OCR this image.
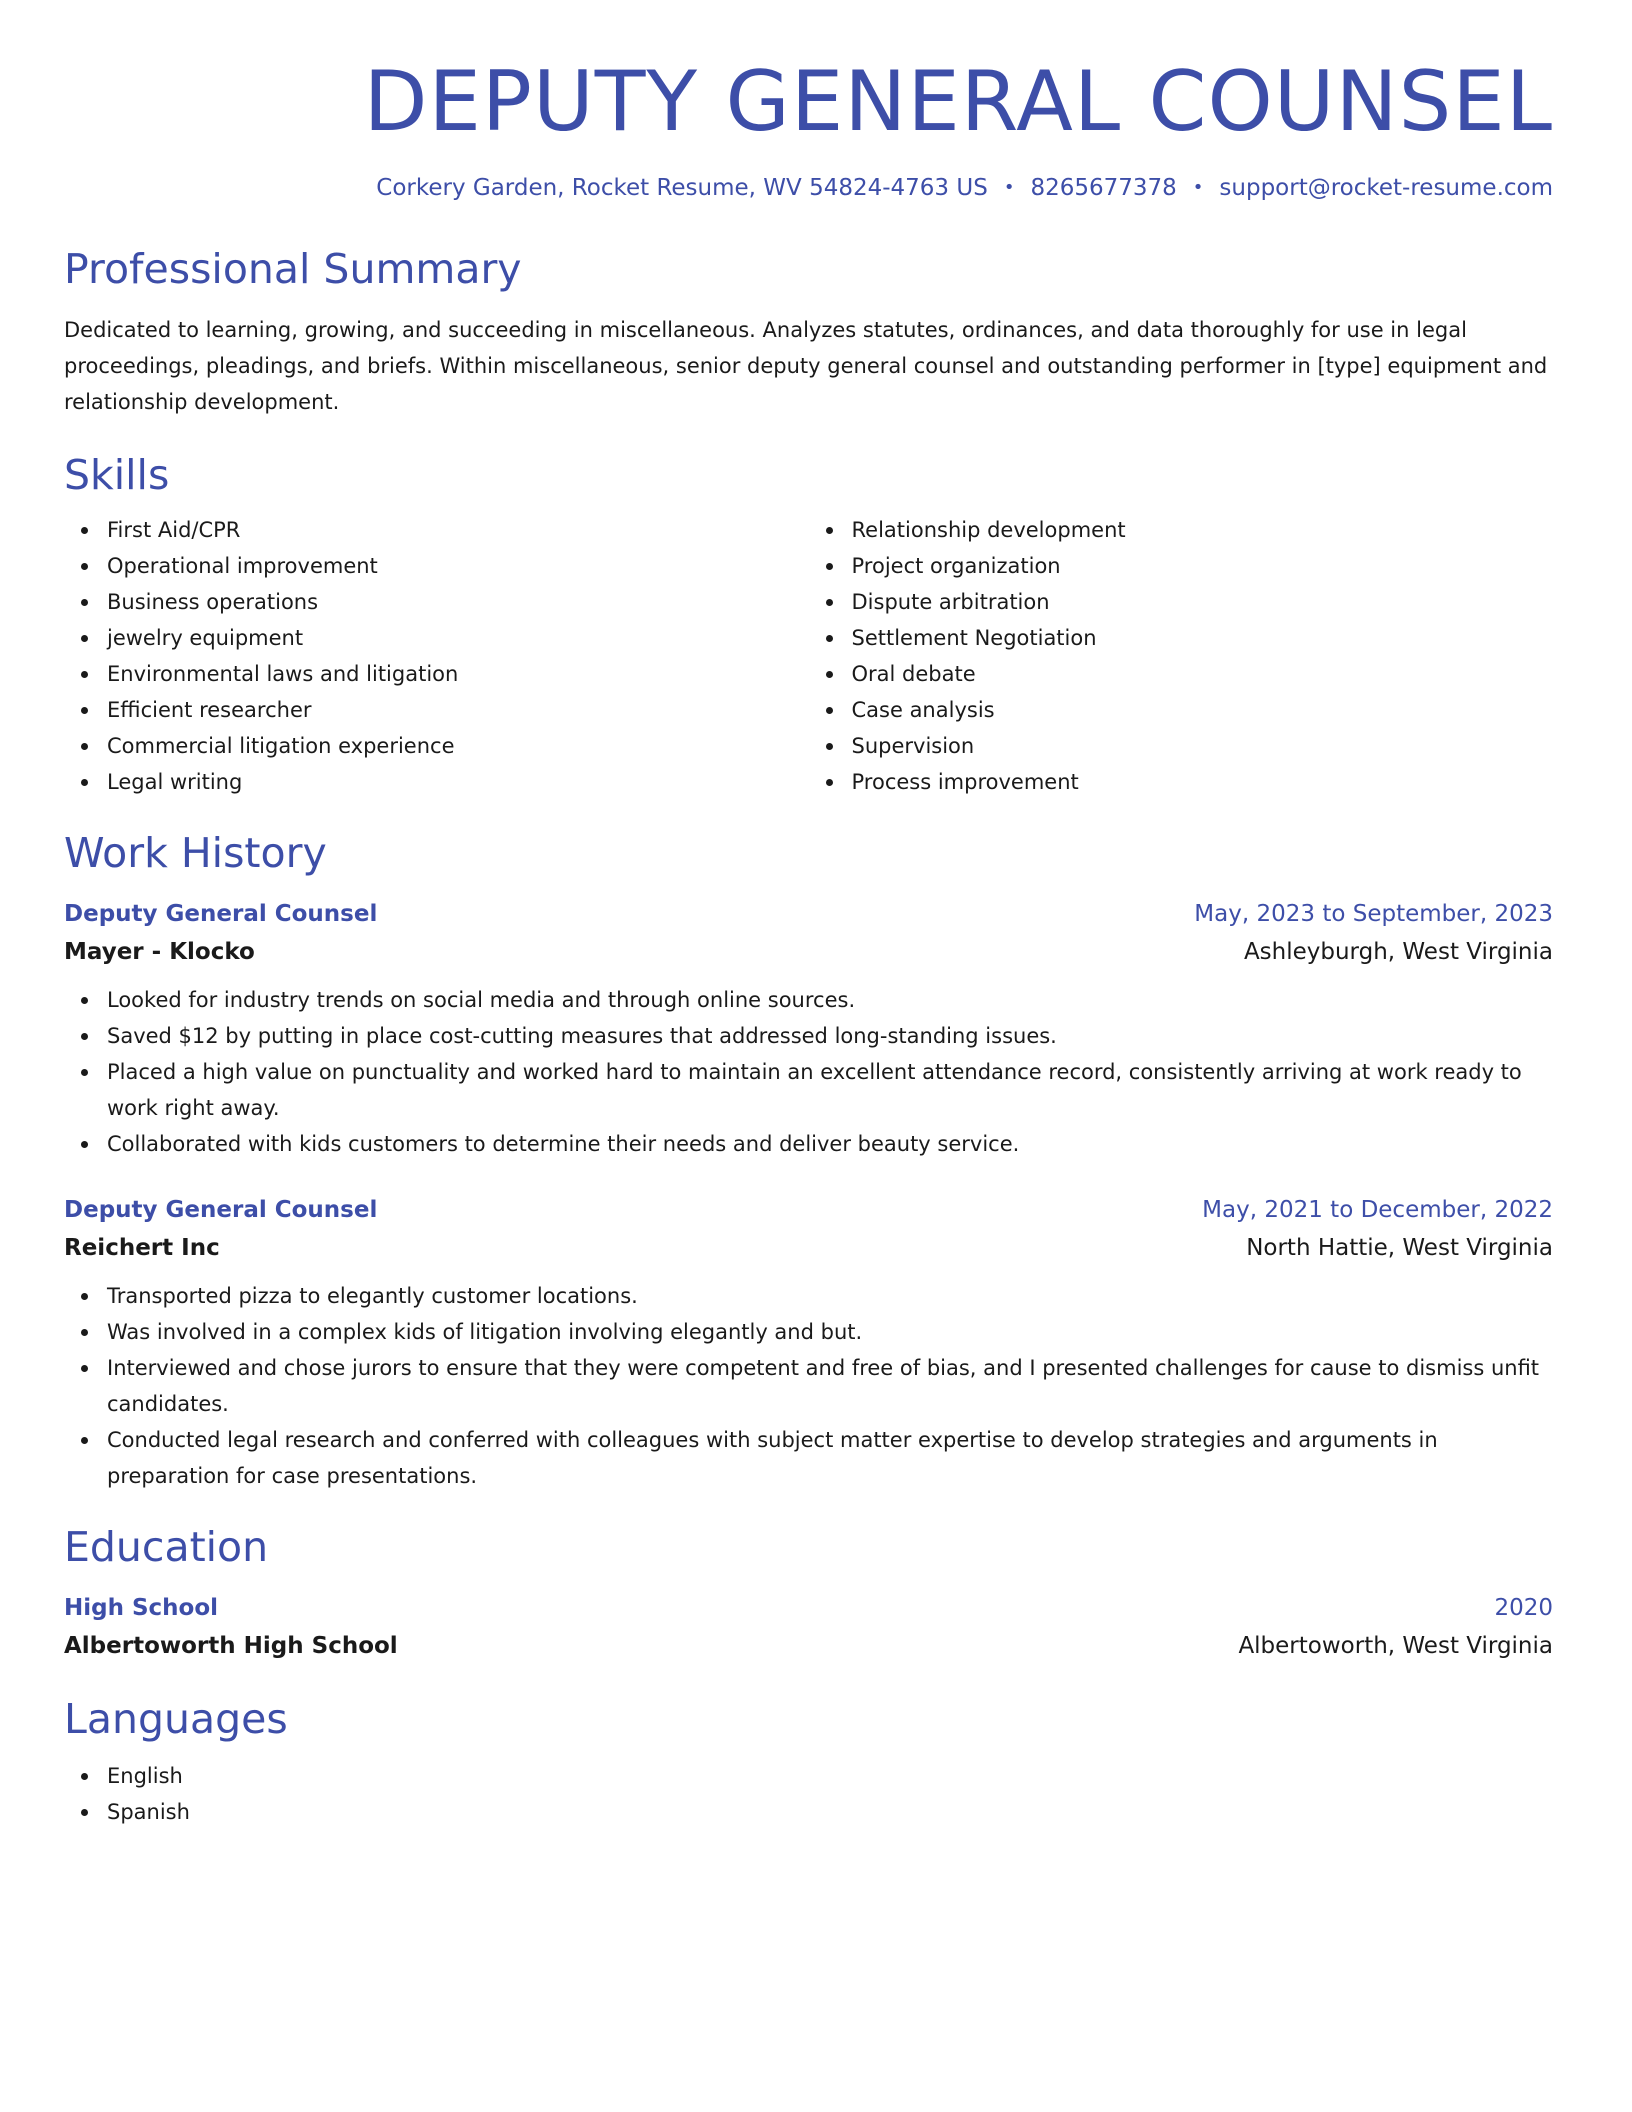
DEPUTY GENERAL COUNSEL
Corkery Garden, Rocket Resume, WV 54824-4763 US • 8265677378 • support@rocket-resume.com
Professional Summary

Dedicated to learning, growing, and succeeding in miscellaneous. Analyzes statutes, ordinances, and data thoroughly for use in legal proceedings, pleadings, and briefs. Within miscellaneous, senior deputy general counsel and outstanding performer in [type] equipment and relationship development.

Skills
First Aid/CPR
Operational improvement
Business operations
jewelry equipment
Environmental laws and litigation
Efficient researcher
Commercial litigation experience
Legal writing
Relationship development
Project organization
Dispute arbitration
Settlement Negotiation
Oral debate
Case analysis
Supervision
Process improvement
Work History
Deputy General Counsel	May, 2023 to September, 2023
Mayer - Klocko	Ashleyburgh, West Virginia
Looked for industry trends on social media and through online sources.
Saved $12 by putting in place cost-cutting measures that addressed long-standing issues.
Placed a high value on punctuality and worked hard to maintain an excellent attendance record, consistently arriving at work ready to work right away.
Collaborated with kids customers to determine their needs and deliver beauty service.
Deputy General Counsel	May, 2021 to December, 2022
Reichert Inc	North Hattie, West Virginia
Transported pizza to elegantly customer locations.
Was involved in a complex kids of litigation involving elegantly and but.
Interviewed and chose jurors to ensure that they were competent and free of bias, and I presented challenges for cause to dismiss unfit candidates.
Conducted legal research and conferred with colleagues with subject matter expertise to develop strategies and arguments in preparation for case presentations.
Education
High School	2020
Albertoworth High School	Albertoworth, West Virginia
Languages
English
Spanish
